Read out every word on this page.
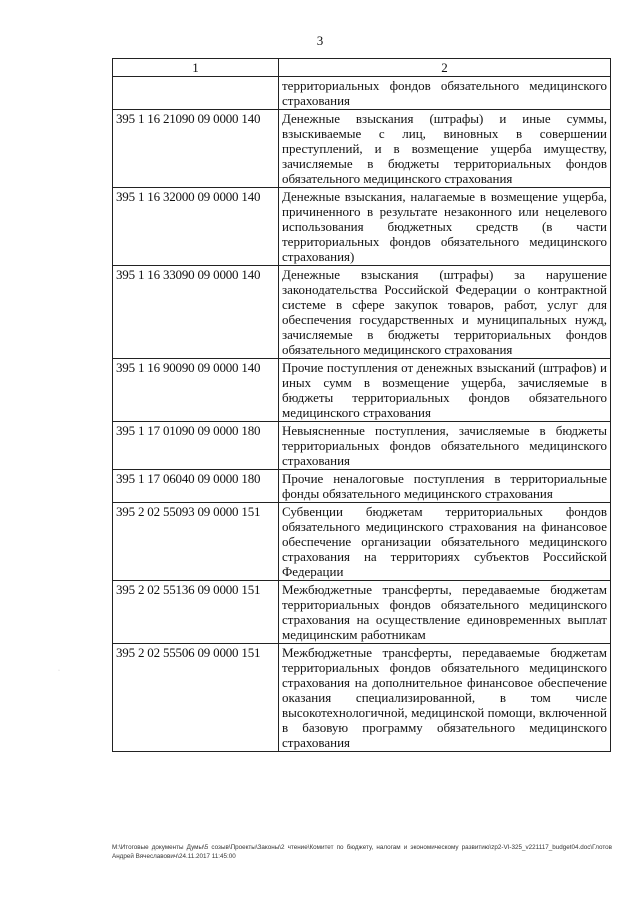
3
·
1	2
	территориальных фондов обязательного медицинского страхования
395 1 16 21090 09 0000 140	Денежные взыскания (штрафы) и иные суммы, взыскиваемые с лиц, виновных в совершении преступлений, и в возмещение ущерба имуществу, зачисляемые в бюджеты территориальных фондов обязательного медицинского страхования
395 1 16 32000 09 0000 140	Денежные взыскания, налагаемые в возмещение ущерба, причиненного в результате незаконного или нецелевого использования бюджетных средств (в части территориальных фондов обязательного медицинского страхования)
395 1 16 33090 09 0000 140	Денежные взыскания (штрафы) за нарушение законодательства Российской Федерации о контрактной системе в сфере закупок товаров, работ, услуг для обеспечения государственных и муниципальных нужд, зачисляемые в бюджеты территориальных фондов обязательного медицинского страхования
395 1 16 90090 09 0000 140	Прочие поступления от денежных взысканий (штрафов) и иных сумм в возмещение ущерба, зачисляемые в бюджеты территориальных фондов обязательного медицинского страхования
395 1 17 01090 09 0000 180	Невыясненные поступления, зачисляемые в бюджеты территориальных фондов обязательного медицинского страхования
395 1 17 06040 09 0000 180	Прочие неналоговые поступления в территориальные фонды обязательного медицинского страхования
395 2 02 55093 09 0000 151	Субвенции бюджетам территориальных фондов обязательного медицинского страхования на финансовое обеспечение организации обязательного медицинского страхования на территориях субъектов Российской Федерации
395 2 02 55136 09 0000 151	Межбюджетные трансферты, передаваемые бюджетам территориальных фондов обязательного медицинского страхования на осуществление единовременных выплат медицинским работникам
395 2 02 55506 09 0000 151	Межбюджетные трансферты, передаваемые бюджетам территориальных фондов обязательного медицинского страхования на дополнительное финансовое обеспечение оказания специализированной, в том числе высокотехнологичной, медицинской помощи, включенной в базовую программу обязательного медицинского страхования
M:\Итоговые документы Думы\5 созыв\Проекты\Законы\2 чтение\Комитет по бюджету, налогам и экономическому развитию\zp2-VI-325_v221117_budget04.doc\Глотов Андрей Вячеславович\24.11.2017 11:45:00
